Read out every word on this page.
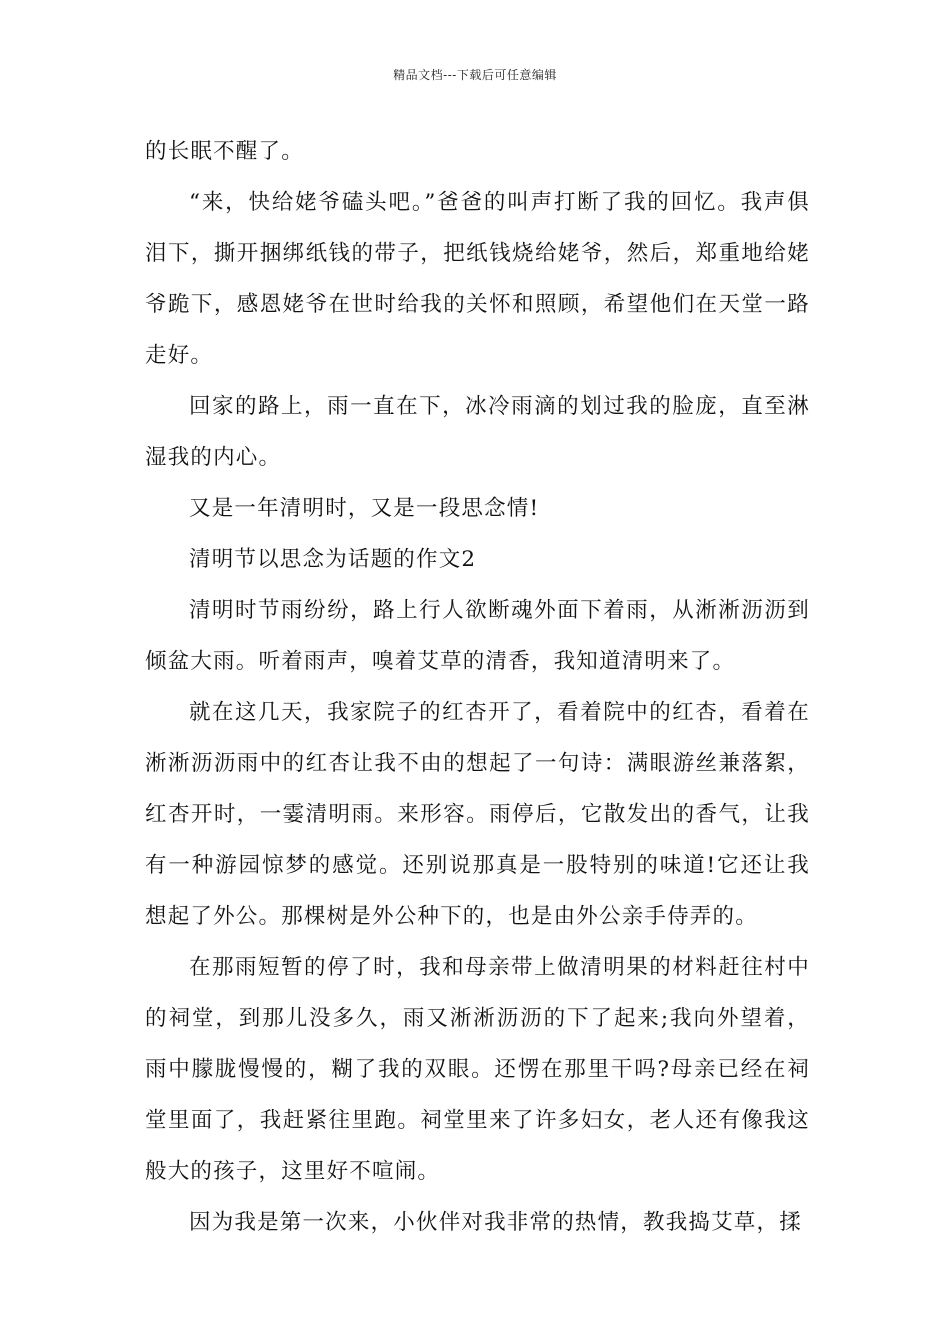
精品文档---下载后可任意编辑

的长眠不醒了。

“来，快给姥爷磕头吧。”爸爸的叫声打断了我的回忆。我声俱泪下，撕开捆绑纸钱的带子，把纸钱烧给姥爷，然后，郑重地给姥爷跪下，感恩姥爷在世时给我的关怀和照顾，希望他们在天堂一路走好。

回家的路上，雨一直在下，冰冷雨滴的划过我的脸庞，直至淋湿我的内心。

又是一年清明时，又是一段思念情!

清明节以思念为话题的作文2

清明时节雨纷纷，路上行人欲断魂外面下着雨，从淅淅沥沥到倾盆大雨。听着雨声，嗅着艾草的清香，我知道清明来了。

就在这几天，我家院子的红杏开了，看着院中的红杏，看着在淅淅沥沥雨中的红杏让我不由的想起了一句诗：满眼游丝兼落絮，红杏开时，一霎清明雨。来形容。雨停后，它散发出的香气，让我有一种游园惊梦的感觉。还别说那真是一股特别的味道!它还让我想起了外公。那棵树是外公种下的，也是由外公亲手侍弄的。

在那雨短暂的停了时，我和母亲带上做清明果的材料赶往村中的祠堂，到那儿没多久，雨又淅淅沥沥的下了起来;我向外望着，雨中朦胧慢慢的，糊了我的双眼。还愣在那里干吗?母亲已经在祠堂里面了，我赶紧往里跑。祠堂里来了许多妇女，老人还有像我这般大的孩子，这里好不喧闹。

因为我是第一次来，小伙伴对我非常的热情，教我捣艾草，揉
